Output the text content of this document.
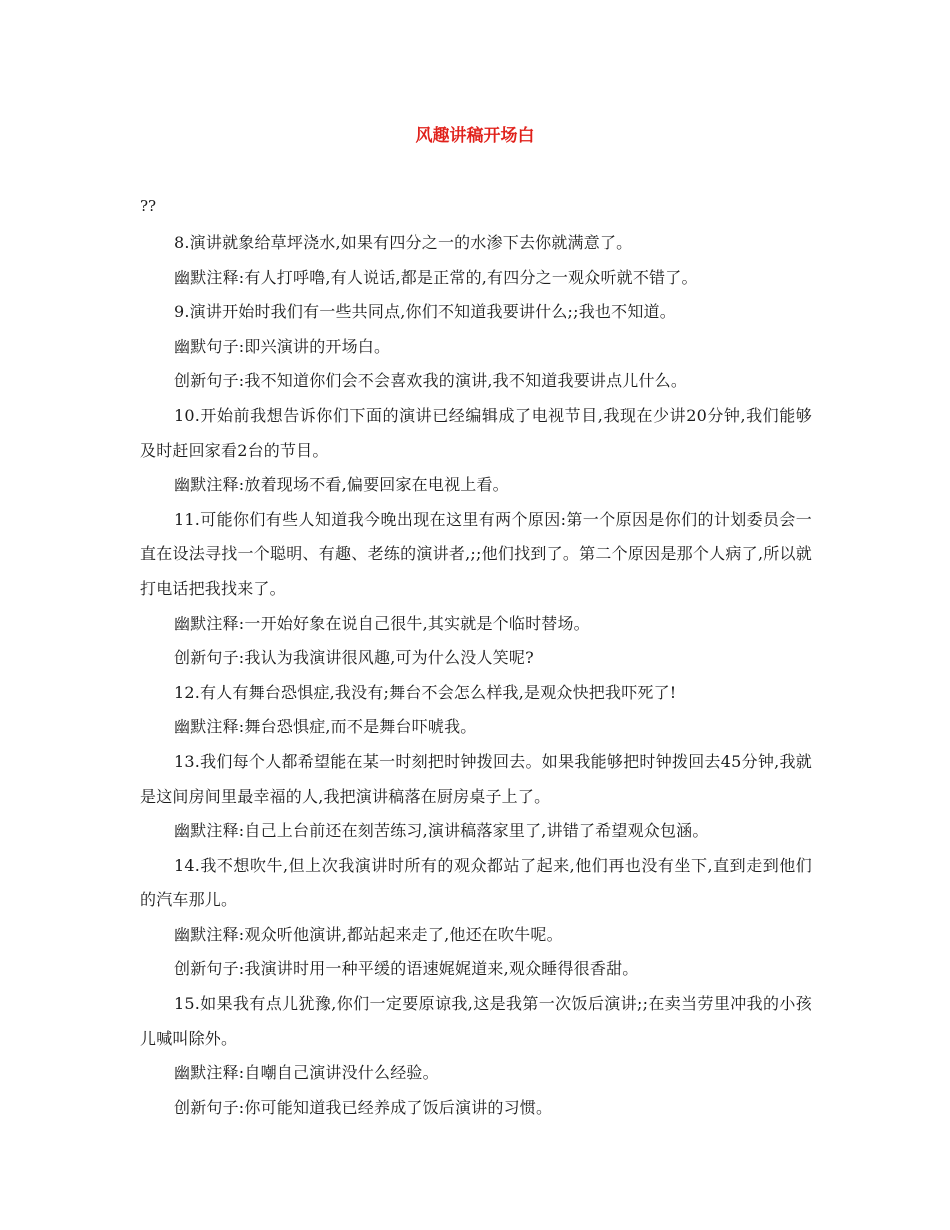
风趣讲稿开场白

??

8.演讲就象给草坪浇水,如果有四分之一的水渗下去你就满意了。

幽默注释:有人打呼噜,有人说话,都是正常的,有四分之一观众听就不错了。

9.演讲开始时我们有一些共同点,你们不知道我要讲什么;;我也不知道。

幽默句子:即兴演讲的开场白。

创新句子:我不知道你们会不会喜欢我的演讲,我不知道我要讲点儿什么。

10.开始前我想告诉你们下面的演讲已经编辑成了电视节目,我现在少讲20分钟,我们能够及时赶回家看2台的节目。

幽默注释:放着现场不看,偏要回家在电视上看。

11.可能你们有些人知道我今晚出现在这里有两个原因:第一个原因是你们的计划委员会一直在设法寻找一个聪明、有趣、老练的演讲者,;;他们找到了。第二个原因是那个人病了,所以就打电话把我找来了。

幽默注释:一开始好象在说自己很牛,其实就是个临时替场。

创新句子:我认为我演讲很风趣,可为什么没人笑呢?

12.有人有舞台恐惧症,我没有;舞台不会怎么样我,是观众快把我吓死了!

幽默注释:舞台恐惧症,而不是舞台吓唬我。

13.我们每个人都希望能在某一时刻把时钟拨回去。如果我能够把时钟拨回去45分钟,我就是这间房间里最幸福的人,我把演讲稿落在厨房桌子上了。

幽默注释:自己上台前还在刻苦练习,演讲稿落家里了,讲错了希望观众包涵。

14.我不想吹牛,但上次我演讲时所有的观众都站了起来,他们再也没有坐下,直到走到他们的汽车那儿。

幽默注释:观众听他演讲,都站起来走了,他还在吹牛呢。

创新句子:我演讲时用一种平缓的语速娓娓道来,观众睡得很香甜。

15.如果我有点儿犹豫,你们一定要原谅我,这是我第一次饭后演讲;;在卖当劳里冲我的小孩儿喊叫除外。

幽默注释:自嘲自己演讲没什么经验。

创新句子:你可能知道我已经养成了饭后演讲的习惯。
